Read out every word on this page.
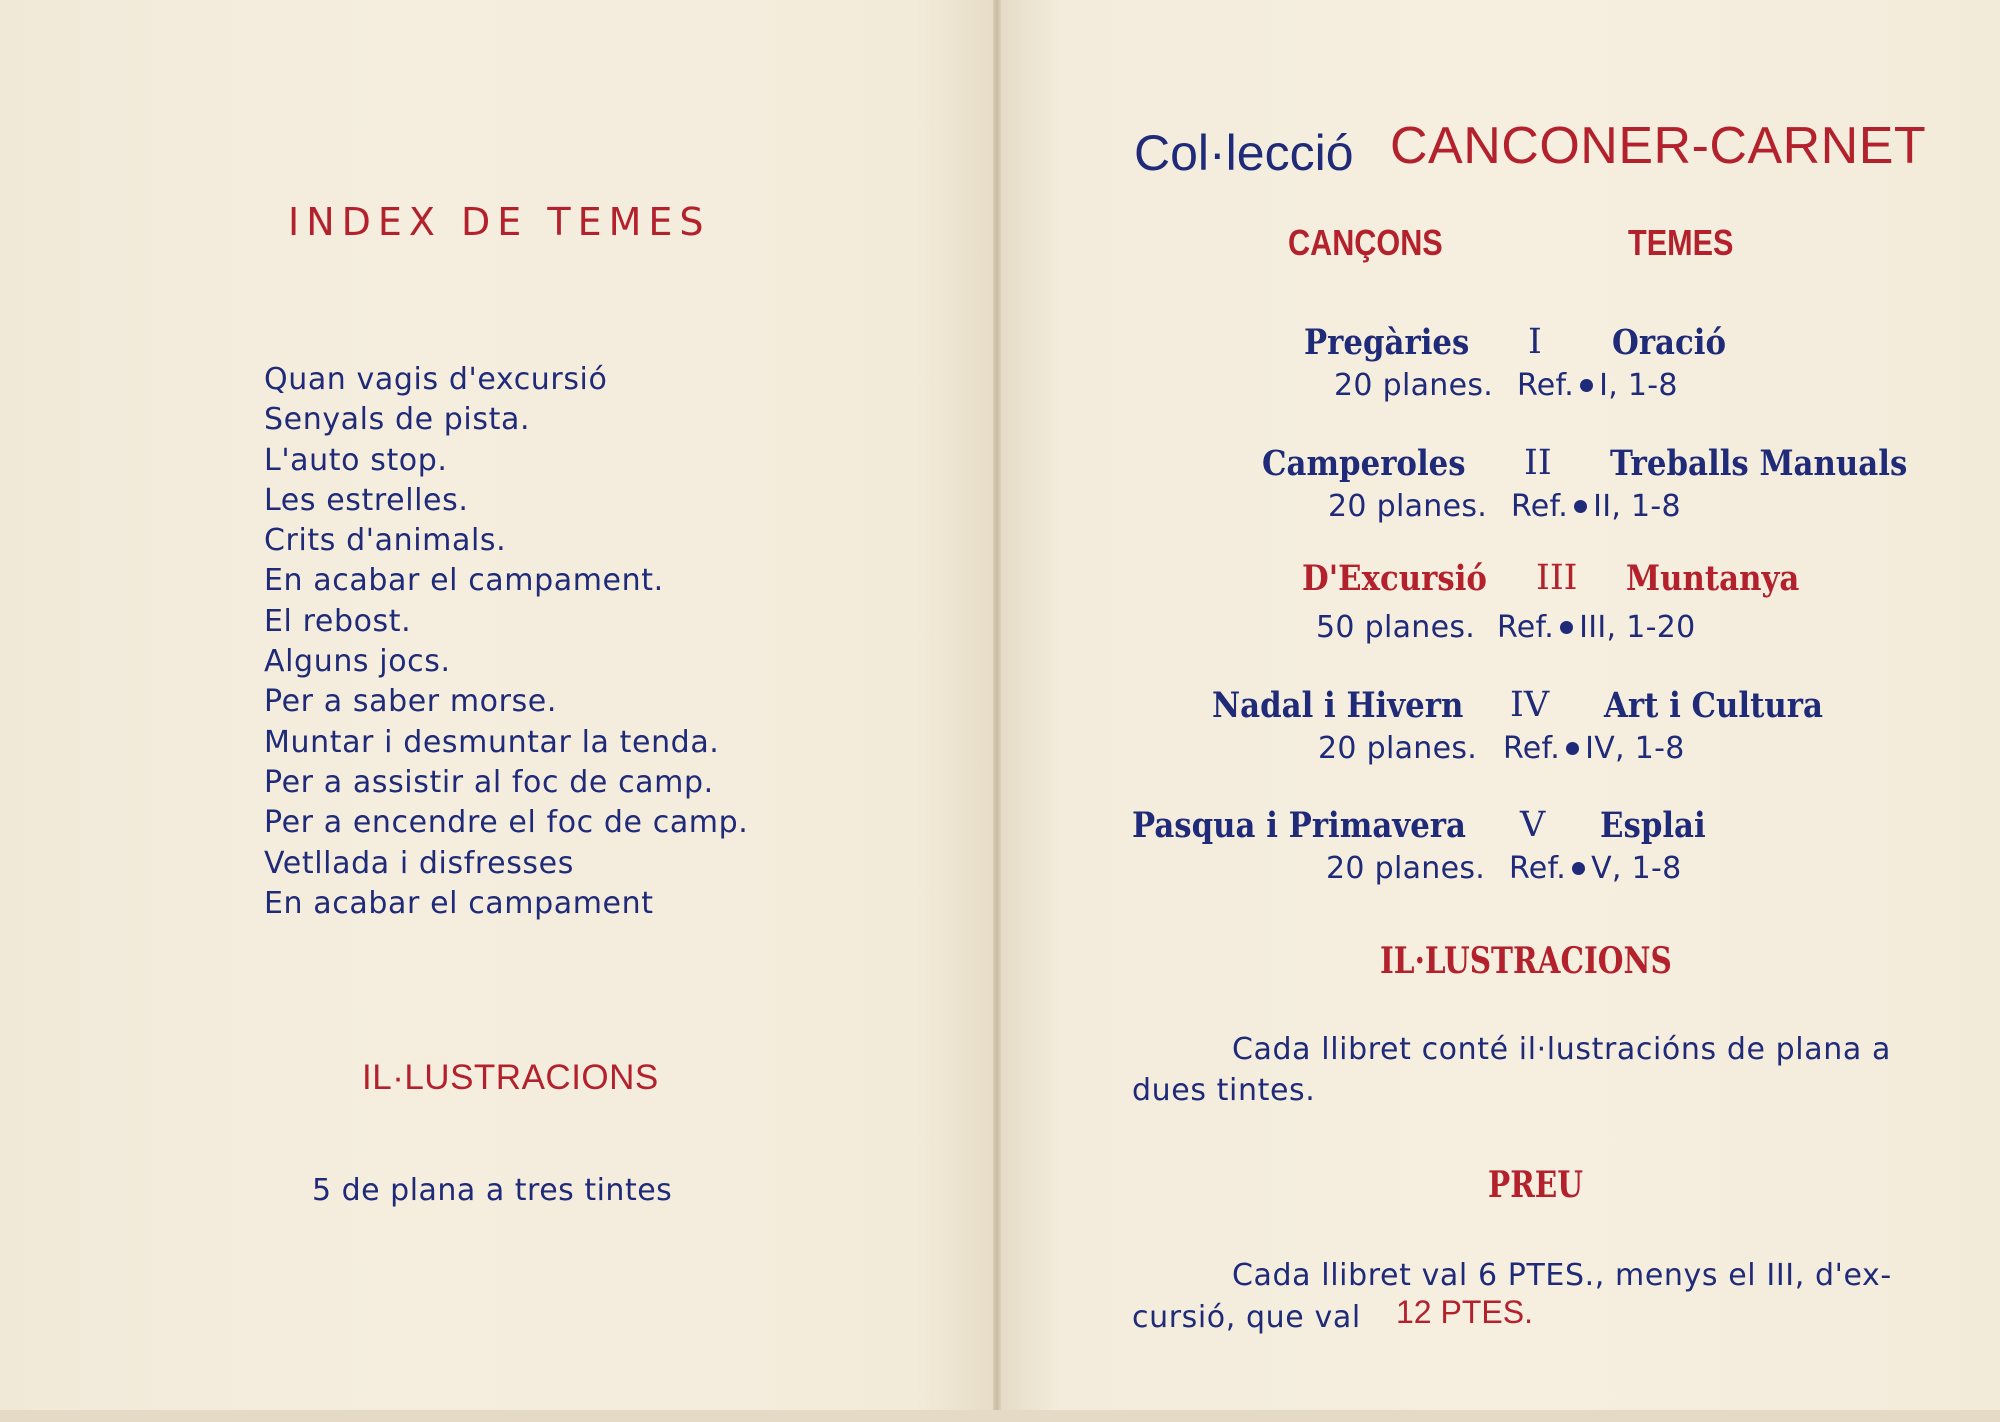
INDEX DE TEMES
Quan vagis d'excursió
Senyals de pista.
L'auto stop.
Les estrelles.
Crits d'animals.
En acabar el campament.
El rebost.
Alguns jocs.
Per a saber morse.
Muntar i desmuntar la tenda.
Per a assistir al foc de camp.
Per a encendre el foc de camp.
Vetllada i disfresses
En acabar el campament
IL·LUSTRACIONS
5 de plana a tres tintes
Col·lecció CANCONER-CARNET
CANÇONS	TEMES
Pregàries I Oració
20 planes. Ref. I, 1-8
Camperoles II Treballs Manuals
20 planes. Ref. II, 1-8
D'Excursió III Muntanya
50 planes. Ref. III, 1-20
Nadal i Hivern IV Art i Cultura
20 planes. Ref. IV, 1-8
Pasqua i Primavera V Esplai
20 planes. Ref. V, 1-8
IL·LUSTRACIONS
Cada llibret conté il·lustracións de plana a
dues tintes.
PREU
Cada llibret val 6 PTES., menys el III, d'ex-
cursió, que val 12 PTES.
